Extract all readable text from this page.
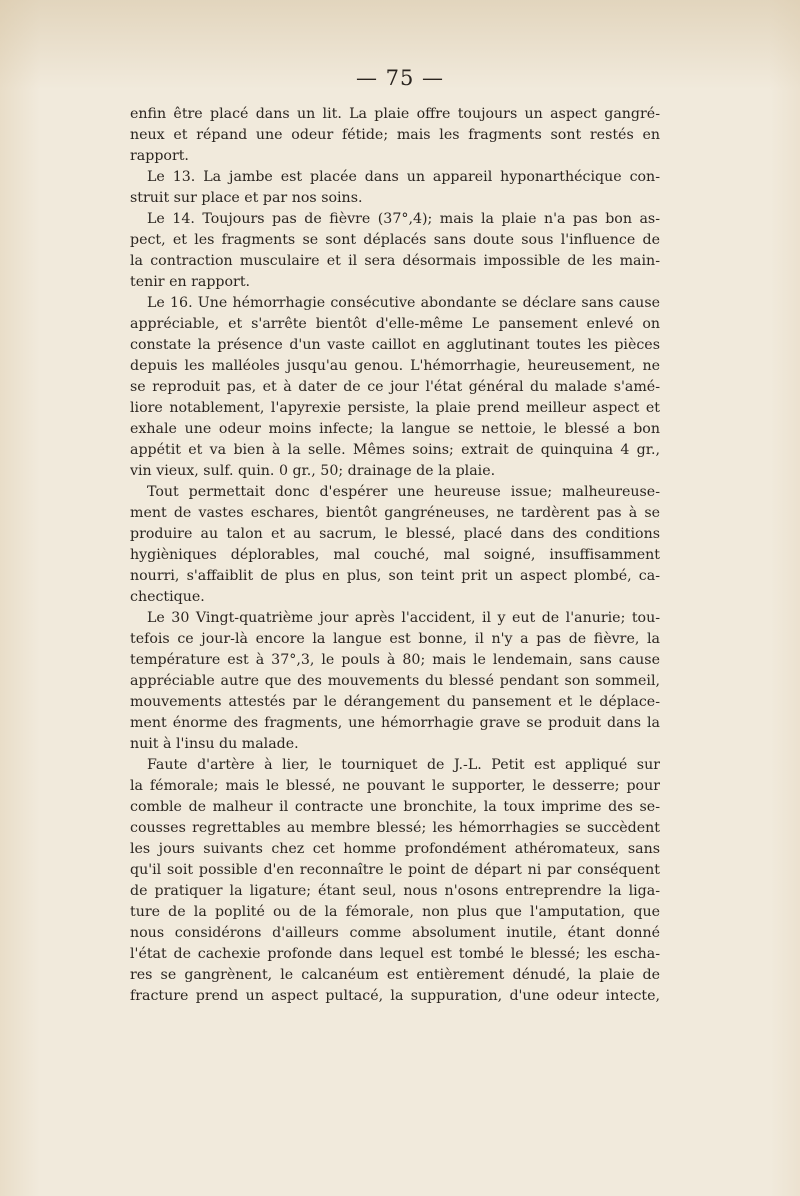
— 75 —
enfin être placé dans un lit. La plaie offre toujours un aspect gangré-
neux et répand une odeur fétide; mais les fragments sont restés en
rapport.
Le 13. La jambe est placée dans un appareil hyponarthécique con-
struit sur place et par nos soins.
Le 14. Toujours pas de fièvre (37°,4); mais la plaie n'a pas bon as-
pect, et les fragments se sont déplacés sans doute sous l'influence de
la contraction musculaire et il sera désormais impossible de les main-
tenir en rapport.
Le 16. Une hémorrhagie consécutive abondante se déclare sans cause
appréciable, et s'arrête bientôt d'elle-même Le pansement enlevé on
constate la présence d'un vaste caillot en agglutinant toutes les pièces
depuis les malléoles jusqu'au genou. L'hémorrhagie, heureusement, ne
se reproduit pas, et à dater de ce jour l'état général du malade s'amé-
liore notablement, l'apyrexie persiste, la plaie prend meilleur aspect et
exhale une odeur moins infecte; la langue se nettoie, le blessé a bon
appétit et va bien à la selle. Mêmes soins; extrait de quinquina 4 gr.,
vin vieux, sulf. quin. 0 gr., 50; drainage de la plaie.
Tout permettait donc d'espérer une heureuse issue; malheureuse-
ment de vastes eschares, bientôt gangréneuses, ne tardèrent pas à se
produire au talon et au sacrum, le blessé, placé dans des conditions
hygièniques déplorables, mal couché, mal soigné, insuffisamment
nourri, s'affaiblit de plus en plus, son teint prit un aspect plombé, ca-
chectique.
Le 30 Vingt-quatrième jour après l'accident, il y eut de l'anurie; tou-
tefois ce jour-là encore la langue est bonne, il n'y a pas de fièvre, la
température est à 37°,3, le pouls à 80; mais le lendemain, sans cause
appréciable autre que des mouvements du blessé pendant son sommeil,
mouvements attestés par le dérangement du pansement et le déplace-
ment énorme des fragments, une hémorrhagie grave se produit dans la
nuit à l'insu du malade.
Faute d'artère à lier, le tourniquet de J.-L. Petit est appliqué sur
la fémorale; mais le blessé, ne pouvant le supporter, le desserre; pour
comble de malheur il contracte une bronchite, la toux imprime des se-
cousses regrettables au membre blessé; les hémorrhagies se succèdent
les jours suivants chez cet homme profondément athéromateux, sans
qu'il soit possible d'en reconnaître le point de départ ni par conséquent
de pratiquer la ligature; étant seul, nous n'osons entreprendre la liga-
ture de la poplité ou de la fémorale, non plus que l'amputation, que
nous considérons d'ailleurs comme absolument inutile, étant donné
l'état de cachexie profonde dans lequel est tombé le blessé; les escha-
res se gangrènent, le calcanéum est entièrement dénudé, la plaie de
fracture prend un aspect pultacé, la suppuration, d'une odeur intecte,
